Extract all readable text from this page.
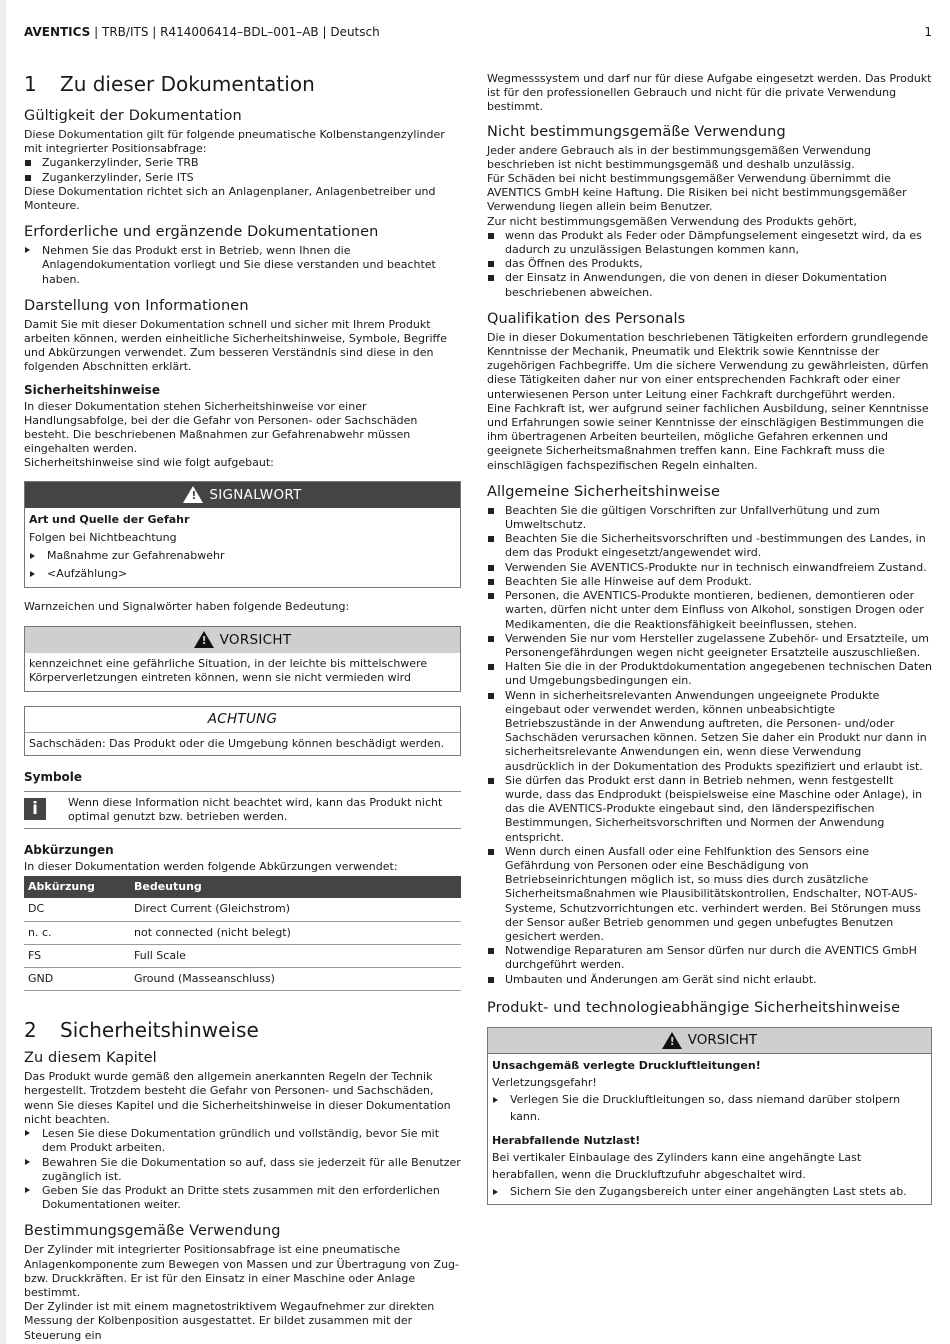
AVENTICS | TRB/ITS | R414006414–BDL–001–AB | Deutsch	1
1	Zu dieser Dokumentation
Gültigkeit der Dokumentation

Diese Dokumentation gilt für folgende pneumatische Kolbenstangenzylinder mit integrierter Positionsabfrage:

Zugankerzylinder, Serie TRB
Zugankerzylinder, Serie ITS

Diese Dokumentation richtet sich an Anlagenplaner, Anlagenbetreiber und Monteure.

Erforderliche und ergänzende Dokumentationen
Nehmen Sie das Produkt erst in Betrieb, wenn Ihnen die Anlagendokumentation vorliegt und Sie diese verstanden und beachtet haben.
Darstellung von Informationen

Damit Sie mit dieser Dokumentation schnell und sicher mit Ihrem Produkt arbeiten können, werden einheitliche Sicherheitshinweise, Symbole, Begriffe und Abkürzungen verwendet. Zum besseren Verständnis sind diese in den folgenden Abschnitten erklärt.

Sicherheitshinweise

In dieser Dokumentation stehen Sicherheitshinweise vor einer Handlungsabfolge, bei der die Gefahr von Personen- oder Sachschäden besteht. Die beschriebenen Maßnahmen zur Gefahrenabwehr müssen eingehalten werden.

Sicherheitshinweise sind wie folgt aufgebaut:

! SIGNALWORT
Art und Quelle der Gefahr
Folgen bei Nichtbeachtung
Maßnahme zur Gefahrenabwehr
<Aufzählung>

Warnzeichen und Signalwörter haben folgende Bedeutung:

! VORSICHT
kennzeichnet eine gefährliche Situation, in der leichte bis mittelschwere Körperverletzungen eintreten können, wenn sie nicht vermieden wird
ACHTUNG
Sachschäden: Das Produkt oder die Umgebung können beschädigt werden.
Symbole
i	Wenn diese Information nicht beachtet wird, kann das Produkt nicht optimal genutzt bzw. betrieben werden.
Abkürzungen

In dieser Dokumentation werden folgende Abkürzungen verwendet:

Abkürzung	Bedeutung
DC	Direct Current (Gleichstrom)
n. c.	not connected (nicht belegt)
FS	Full Scale
GND	Ground (Masseanschluss)
2	Sicherheitshinweise
Zu diesem Kapitel

Das Produkt wurde gemäß den allgemein anerkannten Regeln der Technik hergestellt. Trotzdem besteht die Gefahr von Personen- und Sachschäden, wenn Sie dieses Kapitel und die Sicherheitshinweise in dieser Dokumentation nicht beachten.

Lesen Sie diese Dokumentation gründlich und vollständig, bevor Sie mit dem Produkt arbeiten.
Bewahren Sie die Dokumentation so auf, dass sie jederzeit für alle Benutzer zugänglich ist.
Geben Sie das Produkt an Dritte stets zusammen mit den erforderlichen Dokumentationen weiter.
Bestimmungsgemäße Verwendung

Der Zylinder mit integrierter Positionsabfrage ist eine pneumatische Anlagenkomponente zum Bewegen von Massen und zur Übertragung von Zug- bzw. Druckkräften. Er ist für den Einsatz in einer Maschine oder Anlage bestimmt.

Der Zylinder ist mit einem magnetostriktivem Wegaufnehmer zur direkten Messung der Kolbenposition ausgestattet. Er bildet zusammen mit der Steuerung ein

Wegmesssystem und darf nur für diese Aufgabe eingesetzt werden. Das Produkt ist für den professionellen Gebrauch und nicht für die private Verwendung bestimmt.

Nicht bestimmungsgemäße Verwendung

Jeder andere Gebrauch als in der bestimmungsgemäßen Verwendung beschrieben ist nicht bestimmungsgemäß und deshalb unzulässig.

Für Schäden bei nicht bestimmungsgemäßer Verwendung übernimmt die AVENTICS GmbH keine Haftung. Die Risiken bei nicht bestimmungsgemäßer Verwendung liegen allein beim Benutzer.

Zur nicht bestimmungsgemäßen Verwendung des Produkts gehört,

wenn das Produkt als Feder oder Dämpfungselement eingesetzt wird, da es dadurch zu unzulässigen Belastungen kommen kann,
das Öffnen des Produkts,
der Einsatz in Anwendungen, die von denen in dieser Dokumentation beschriebenen abweichen.
Qualifikation des Personals

Die in dieser Dokumentation beschriebenen Tätigkeiten erfordern grundlegende Kenntnisse der Mechanik, Pneumatik und Elektrik sowie Kenntnisse der zugehörigen Fachbegriffe. Um die sichere Verwendung zu gewährleisten, dürfen diese Tätigkeiten daher nur von einer entsprechenden Fachkraft oder einer unterwiesenen Person unter Leitung einer Fachkraft durchgeführt werden.

Eine Fachkraft ist, wer aufgrund seiner fachlichen Ausbildung, seiner Kenntnisse und Erfahrungen sowie seiner Kenntnisse der einschlägigen Bestimmungen die ihm übertragenen Arbeiten beurteilen, mögliche Gefahren erkennen und geeignete Sicherheitsmaßnahmen treffen kann. Eine Fachkraft muss die einschlägigen fachspezifischen Regeln einhalten.

Allgemeine Sicherheitshinweise
Beachten Sie die gültigen Vorschriften zur Unfallverhütung und zum Umweltschutz.
Beachten Sie die Sicherheitsvorschriften und -bestimmungen des Landes, in dem das Produkt eingesetzt/angewendet wird.
Verwenden Sie AVENTICS-Produkte nur in technisch einwandfreiem Zustand.
Beachten Sie alle Hinweise auf dem Produkt.
Personen, die AVENTICS-Produkte montieren, bedienen, demontieren oder warten, dürfen nicht unter dem Einfluss von Alkohol, sonstigen Drogen oder Medikamenten, die die Reaktionsfähigkeit beeinflussen, stehen.
Verwenden Sie nur vom Hersteller zugelassene Zubehör- und Ersatzteile, um Personengefährdungen wegen nicht geeigneter Ersatzteile auszuschließen.
Halten Sie die in der Produktdokumentation angegebenen technischen Daten und Umgebungsbedingungen ein.
Wenn in sicherheitsrelevanten Anwendungen ungeeignete Produkte eingebaut oder verwendet werden, können unbeabsichtigte Betriebszustände in der Anwendung auftreten, die Personen- und/oder Sachschäden verursachen können. Setzen Sie daher ein Produkt nur dann in sicherheitsrelevante Anwendungen ein, wenn diese Verwendung ausdrücklich in der Dokumentation des Produkts spezifiziert und erlaubt ist.
Sie dürfen das Produkt erst dann in Betrieb nehmen, wenn festgestellt wurde, dass das Endprodukt (beispielsweise eine Maschine oder Anlage), in das die AVENTICS-Produkte eingebaut sind, den länderspezifischen Bestimmungen, Sicherheitsvorschriften und Normen der Anwendung entspricht.
Wenn durch einen Ausfall oder eine Fehlfunktion des Sensors eine Gefährdung von Personen oder eine Beschädigung von Betriebseinrichtungen möglich ist, so muss dies durch zusätzliche Sicherheitsmaßnahmen wie Plausibilitätskontrollen, Endschalter, NOT-AUS-Systeme, Schutzvorrichtungen etc. verhindert werden. Bei Störungen muss der Sensor außer Betrieb genommen und gegen unbefugtes Benutzen gesichert werden.
Notwendige Reparaturen am Sensor dürfen nur durch die AVENTICS GmbH durchgeführt werden.
Umbauten und Änderungen am Gerät sind nicht erlaubt.
Produkt- und technologieabhängige Sicherheitshinweise
! VORSICHT
Unsachgemäß verlegte Druckluftleitungen!
Verletzungsgefahr!
Verlegen Sie die Druckluftleitungen so, dass niemand darüber stolpern kann.
Herabfallende Nutzlast!
Bei vertikaler Einbaulage des Zylinders kann eine angehängte Last herabfallen, wenn die Druckluftzufuhr abgeschaltet wird.
Sichern Sie den Zugangsbereich unter einer angehängten Last stets ab.
